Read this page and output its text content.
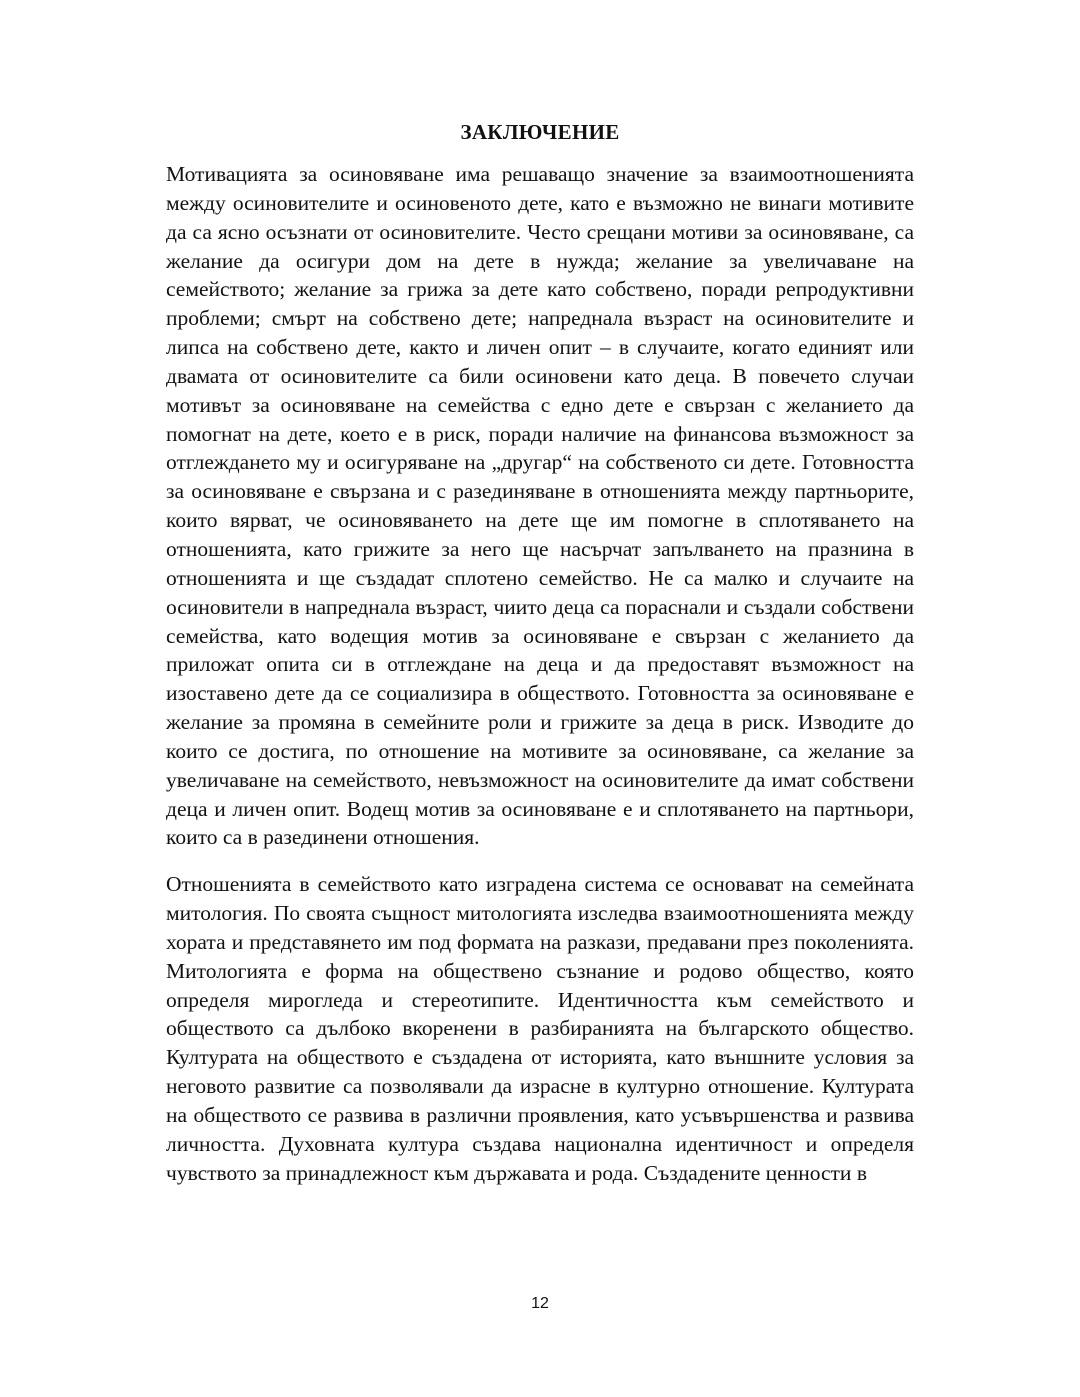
ЗАКЛЮЧЕНИЕ

Мотивацията за осиновяване има решаващо значение за взаимоотношенията между осиновителите и осиновеното дете, като е възможно не винаги мотивите да са ясно осъзнати от осиновителите. Често срещани мотиви за осиновяване, са желание да осигури дом на дете в нужда; желание за увеличаване на семейството; желание за грижа за дете като собствено, поради репродуктивни проблеми; смърт на собствено дете; напреднала възраст на осиновителите и липса на собствено дете, както и личен опит – в случаите, когато единият или двамата от осиновителите са били осиновени като деца. В повечето случаи мотивът за осиновяване на семейства с едно дете е свързан с желанието да помогнат на дете, което е в риск, поради наличие на финансова възможност за отглеждането му и осигуряване на „другар“ на собственото си дете. Готовността за осиновяване е свързана и с разединяване в отношенията между партньорите, които вярват, че осиновяването на дете ще им помогне в сплотяването на отношенията, като грижите за него ще насърчат запълването на празнина в отношенията и ще създадат сплотено семейство. Не са малко и случаите на осиновители в напреднала възраст, чиито деца са пораснали и създали собствени семейства, като водещия мотив за осиновяване е свързан с желанието да приложат опита си в отглеждане на деца и да предоставят възможност на изоставено дете да се социализира в обществото. Готовността за осиновяване е желание за промяна в семейните роли и грижите за деца в риск. Изводите до които се достига, по отношение на мотивите за осиновяване, са желание за увеличаване на семейството, невъзможност на осиновителите да имат собствени деца и личен опит. Водещ мотив за осиновяване е и сплотяването на партньори, които са в разединени отношения.

Отношенията в семейството като изградена система се основават на семейната митология. По своята същност митологията изследва взаимоотношенията между хората и представянето им под формата на разкази, предавани през поколенията. Митологията е форма на обществено съзнание и родово общество, която определя мирогледа и стереотипите. Идентичността към семейството и обществото са дълбоко вкоренени в разбиранията на българското общество. Културата на обществото е създадена от историята, като външните условия за неговото развитие са позволявали да израсне в културно отношение. Културата на обществото се развива в различни проявления, като усъвършенства и развива личността. Духовната култура създава национална идентичност и определя чувството за принадлежност към държавата и рода. Създадените ценности в

12
